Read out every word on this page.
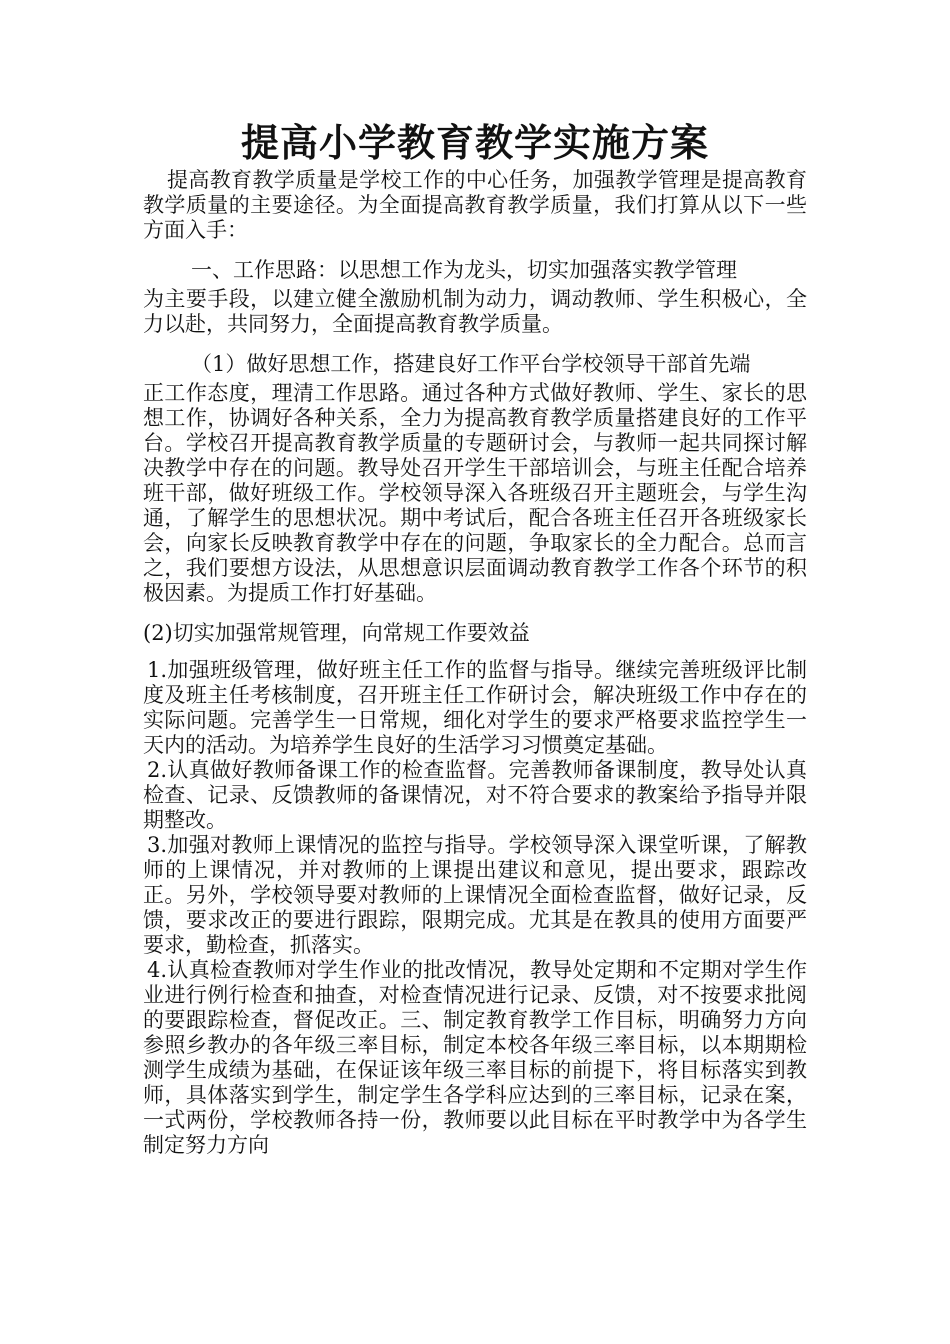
提高小学教育教学实施方案

提高教育教学质量是学校工作的中心任务，加强教学管理是提高教育教学质量的主要途径。为全面提高教育教学质量，我们打算从以下一些方面入手：

一、工作思路：以思想工作为龙头，切实加强落实教学管理

为主要手段，以建立健全激励机制为动力，调动教师、学生积极心，全力以赴，共同努力，全面提高教育教学质量。

（1）做好思想工作，搭建良好工作平台学校领导干部首先端

正工作态度，理清工作思路。通过各种方式做好教师、学生、家长的思想工作，协调好各种关系，全力为提高教育教学质量搭建良好的工作平台。学校召开提高教育教学质量的专题研讨会，与教师一起共同探讨解决教学中存在的问题。教导处召开学生干部培训会，与班主任配合培养班干部，做好班级工作。学校领导深入各班级召开主题班会，与学生沟通，了解学生的思想状况。期中考试后，配合各班主任召开各班级家长会，向家长反映教育教学中存在的问题，争取家长的全力配合。总而言之，我们要想方设法，从思想意识层面调动教育教学工作各个环节的积极因素。为提质工作打好基础。

(2)切实加强常规管理，向常规工作要效益

1.加强班级管理，做好班主任工作的监督与指导。继续完善班级评比制度及班主任考核制度，召开班主任工作研讨会，解决班级工作中存在的实际问题。完善学生一日常规，细化对学生的要求严格要求监控学生一天内的活动。为培养学生良好的生活学习习惯奠定基础。

2.认真做好教师备课工作的检查监督。完善教师备课制度，教导处认真检查、记录、反馈教师的备课情况，对不符合要求的教案给予指导并限期整改。

3.加强对教师上课情况的监控与指导。学校领导深入课堂听课，了解教师的上课情况，并对教师的上课提出建议和意见，提出要求，跟踪改正。另外，学校领导要对教师的上课情况全面检查监督，做好记录，反馈，要求改正的要进行跟踪，限期完成。尤其是在教具的使用方面要严要求，勤检查，抓落实。

4.认真检查教师对学生作业的批改情况，教导处定期和不定期对学生作业进行例行检查和抽查，对检查情况进行记录、反馈，对不按要求批阅的要跟踪检查，督促改正。三、制定教育教学工作目标，明确努力方向参照乡教办的各年级三率目标，制定本校各年级三率目标，以本期期检测学生成绩为基础，在保证该年级三率目标的前提下，将目标落实到教师，具体落实到学生，制定学生各学科应达到的三率目标，记录在案，一式两份，学校教师各持一份，教师要以此目标在平时教学中为各学生制定努力方向
